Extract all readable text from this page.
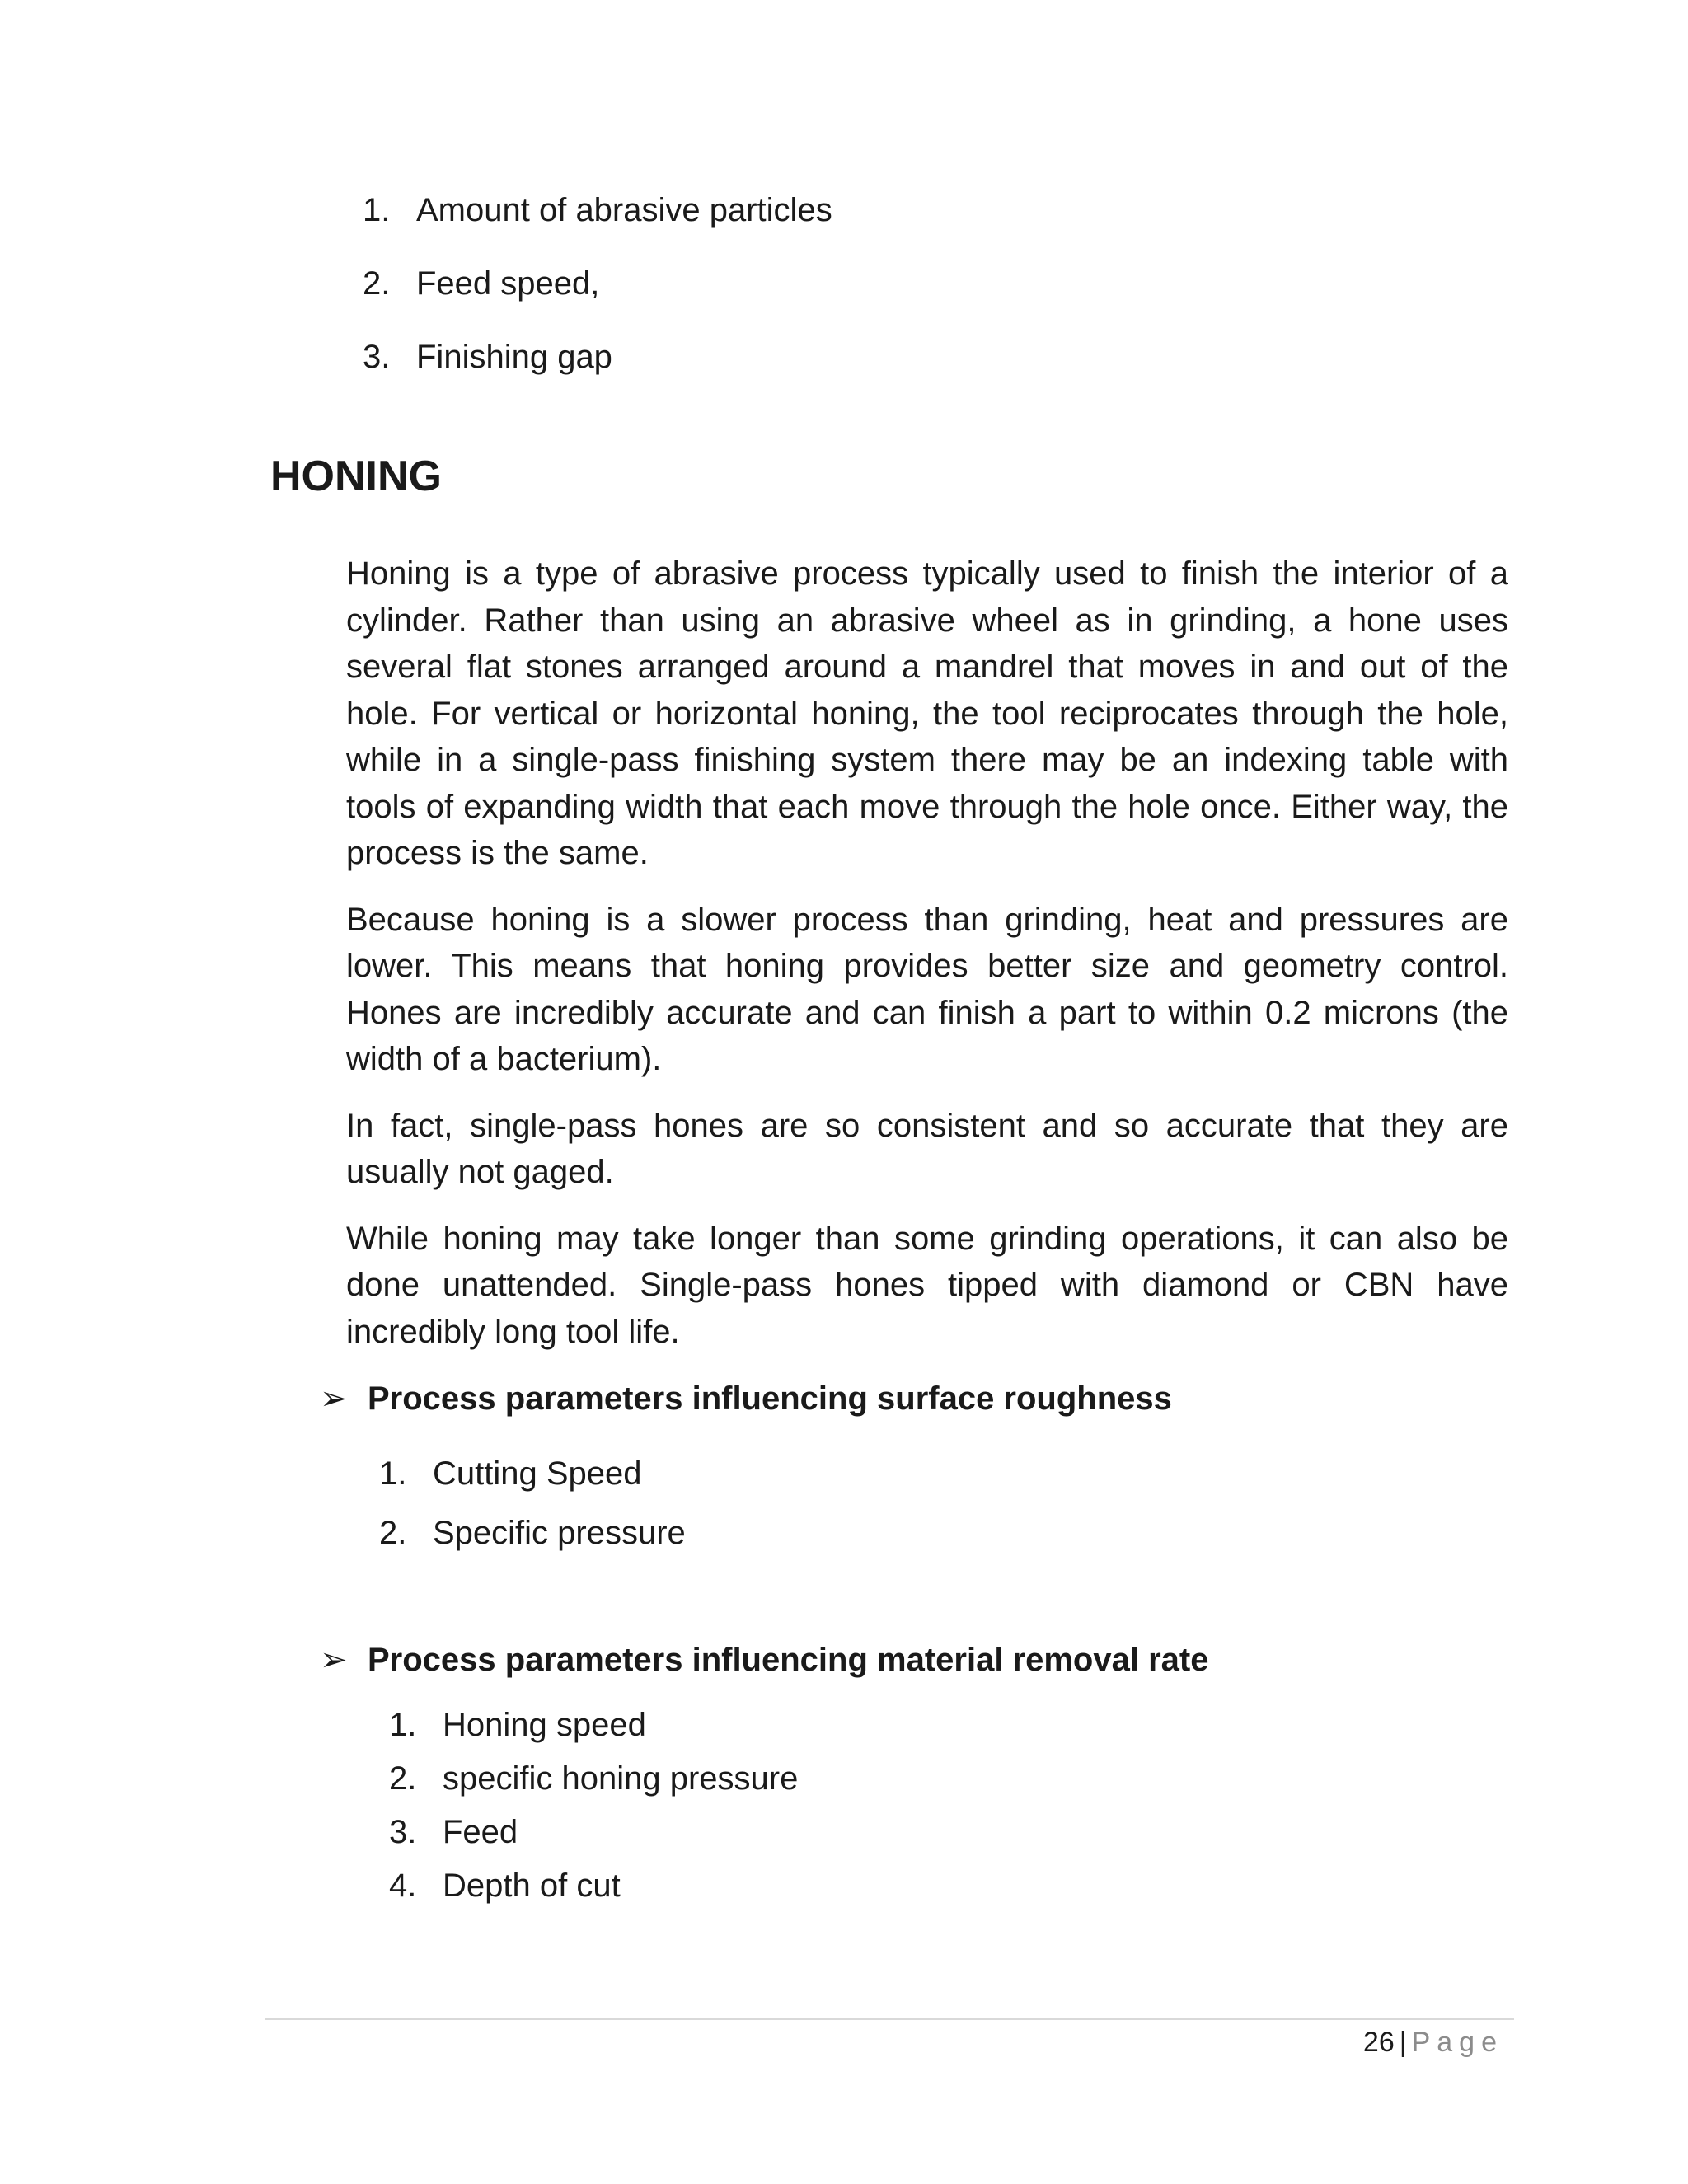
1. Amount of abrasive particles
2. Feed speed,
3. Finishing gap
HONING

Honing is a type of abrasive process typically used to finish the interior of a cylinder. Rather than using an abrasive wheel as in grinding, a hone uses several flat stones arranged around a mandrel that moves in and out of the hole. For vertical or horizontal honing, the tool reciprocates through the hole, while in a single-pass finishing system there may be an indexing table with tools of expanding width that each move through the hole once. Either way, the process is the same.

Because honing is a slower process than grinding, heat and pressures are lower. This means that honing provides better size and geometry control. Hones are incredibly accurate and can finish a part to within 0.2 microns (the width of a bacterium).

In fact, single-pass hones are so consistent and so accurate that they are usually not gaged.

While honing may take longer than some grinding operations, it can also be done unattended. Single-pass hones tipped with diamond or CBN have incredibly long tool life.

➢ Process parameters influencing surface roughness
1. Cutting Speed
2. Specific pressure
➢ Process parameters influencing material removal rate
1. Honing speed
2. specific honing pressure
3. Feed
4. Depth of cut
26 | Page
